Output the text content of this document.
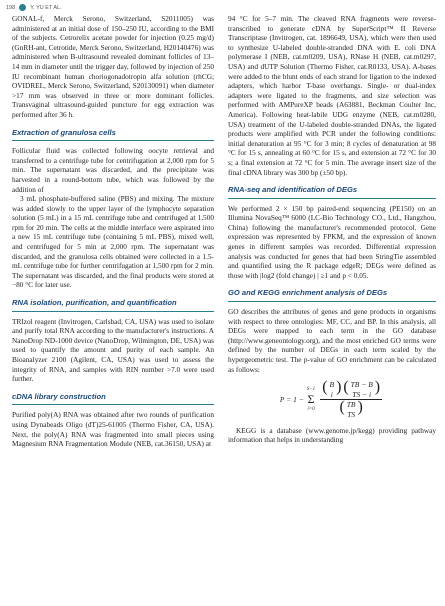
198	Y. YU ET AL.

GONAL-f, Merck Serono, Switzerland, S2011005) was administered at an initial dose of 150–250 IU, according to the BMI of the subjects. Cetrorelix acetate powder for injection (0.25 mg/d) (GnRH-ant, Cetrotide, Merck Serono, Switzerland, H20140476) was administered when B-ultrasound revealed dominant follicles of 13–14 mm in diameter until the trigger day, followed by injection of 250 IU recombinant human choriogonadotropin alfa solution (rhCG; OVIDREL, Merck Serono, Switzerland, S20130091) when diameter >17 mm was observed in three or more dominant follicles. Transvaginal ultrasound-guided puncture for egg extraction was performed after 36 h.

Extraction of granulosa cells

Follicular fluid was collected following oocyte retrieval and transferred to a centrifuge tube for centrifugation at 2,000 rpm for 5 min. The supernatant was discarded, and the precipitate was harvested in a round-bottom tube, which was followed by the addition of

3 mL phosphate-buffered saline (PBS) and mixing. The mixture was added slowly to the upper layer of the lymphocyte separation solution (5 mL) in a 15 mL centrifuge tube and centrifuged at 1,500 rpm for 20 min. The cells at the middle interface were aspirated into a new 15 mL centrifuge tube (containing 5 mL PBS), mixed well, and centrifuged for 5 min at 2,000 rpm. The supernatant was discarded, and the granulosa cells obtained were collected in a 1.5-mL centrifuge tube for further centrifugation at 1,500 rpm for 2 min. The supernatant was discarded, and the final products were stored at −80 °C for later use.

RNA isolation, purification, and quantification

TRIzol reagent (Invitrogen, Carlsbad, CA, USA) was used to isolate and purify total RNA according to the manufacturer's instructions. A NanoDrop ND-1000 device (NanoDrop, Wilmington, DE, USA) was used to quantify the amount and purity of each sample. An Bioanalyzer 2100 (Agilent, CA, USA) was used to assess the integrity of RNA, and samples with RIN number >7.0 were used further.

cDNA library construction

Purified poly(A) RNA was obtained after two rounds of purification using Dynabeads Oligo (dT)25-61005 (Thermo Fisher, CA, USA). Next, the poly(A) RNA was fragmented into small pieces using Magnesium RNA Fragmentation Module (NEB, cat.36150, USA) at

94 °C for 5–7 min. The cleaved RNA fragments were reverse-transcribed to generate cDNA by SuperScript™ II Reverse Transcriptase (Invitrogen, cat. 1896649, USA), which were then used to synthesize U-labeled double-stranded DNA with E. coli DNA polymerase I (NEB, cat.m0209, USA), RNase H (NEB, cat.m0297, USA) and dUTP Solution (Thermo Fisher, cat.R0133, USA). A-bases were added to the blunt ends of each strand for ligation to the indexed adapters, which harbor T-base overhangs. Single- or dual-index adapters were ligated to the fragments, and size selection was performed with AMPureXP beads (A63881, Beckman Coulter Inc, America). Following heat-labile UDG enzyme (NEB, cat.m0280, USA) treatment of the U-labeled double-stranded DNAs, the ligated products were amplified with PCR under the following conditions: initial denaturation at 95 °C for 3 min; 8 cycles of denaturation at 98 °C for 15 s, annealing at 60 °C for 15 s, and extension at 72 °C for 30 s; a final extension at 72 °C for 5 min. The average insert size of the final cDNA library was 300 bp (±50 bp).

RNA-seq and identification of DEGs

We performed 2 × 150 bp paired-end sequencing (PE150) on an Illumina NovaSeq™ 6000 (LC-Bio Technology CO., Ltd., Hangzhou, China) following the manufacturer's recommended protocol. Gene expression was represented by FPKM, and the expression of known genes in different samples was recorded. Differential expression analysis was conducted for genes that had been StringTie assembled and quantified using the R package edgeR; DEGs were defined as those with |log2 (fold change) | ≥1 and p < 0.05.

GO and KEGG enrichment analysis of DEGs

GO describes the attributes of genes and gene products in organisms with respect to three ontologies: MF, CC, and BP. In this analysis, all DEGs were mapped to each term in the GO database (http://www.geneontology.org), and the most enriched GO terms were defined by the number of DEGs in each term scaled by the hypergeometric test. The p-value of GO enrichment can be calculated as follows:

P = 1 −
S−1
Σ
i=0 ( B
i ) ( TB − B
TS − i )
( TB
TS )

KEGG is a database (www.genome.jp/kegg) providing pathway information that helps in understanding
